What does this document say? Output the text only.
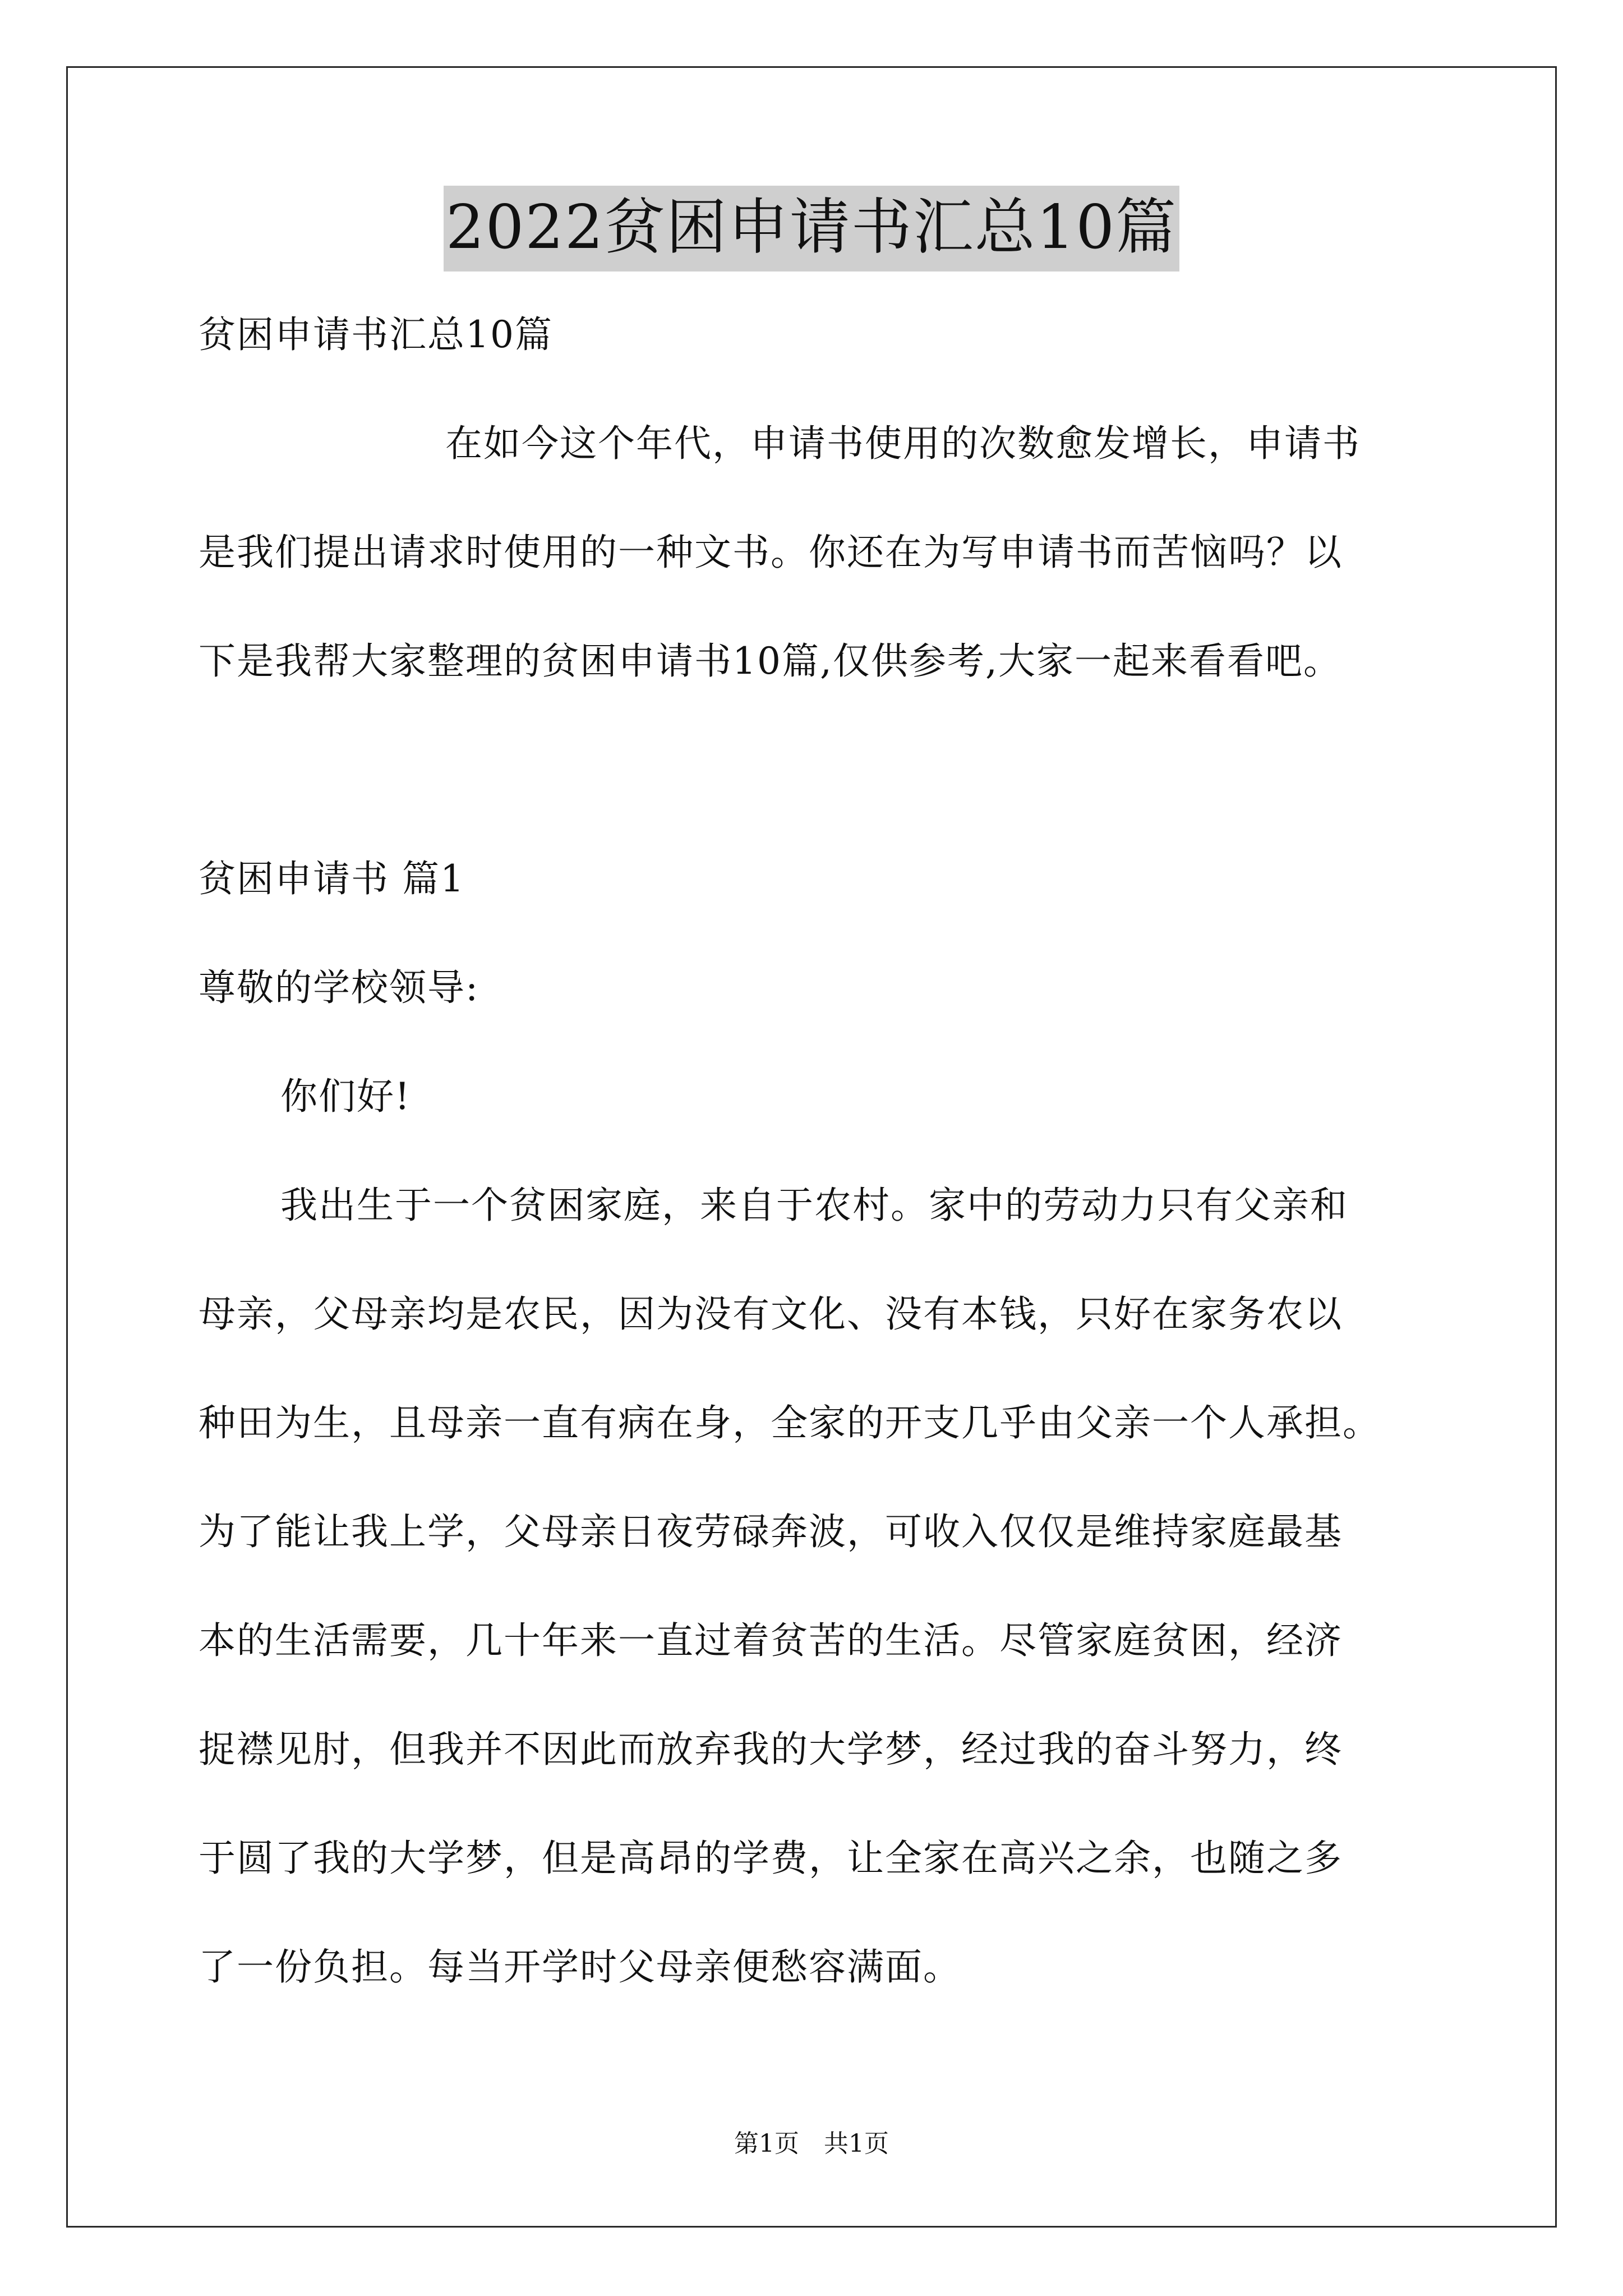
2022贫困申请书汇总10篇
贫困申请书汇总10篇
在如今这个年代，申请书使用的次数愈发增长，申请书
是我们提出请求时使用的一种文书。你还在为写申请书而苦恼吗？以
下是我帮大家整理的贫困申请书10篇,仅供参考,大家一起来看看吧。
贫困申请书 篇1
尊敬的学校领导:
你们好!
我出生于一个贫困家庭，来自于农村。家中的劳动力只有父亲和
母亲，父母亲均是农民，因为没有文化、没有本钱，只好在家务农以
种田为生，且母亲一直有病在身，全家的开支几乎由父亲一个人承担。
为了能让我上学，父母亲日夜劳碌奔波，可收入仅仅是维持家庭最基
本的生活需要，几十年来一直过着贫苦的生活。尽管家庭贫困，经济
捉襟见肘，但我并不因此而放弃我的大学梦，经过我的奋斗努力，终
于圆了我的大学梦，但是高昂的学费，让全家在高兴之余，也随之多
了一份负担。每当开学时父母亲便愁容满面。
第1页　共1页
